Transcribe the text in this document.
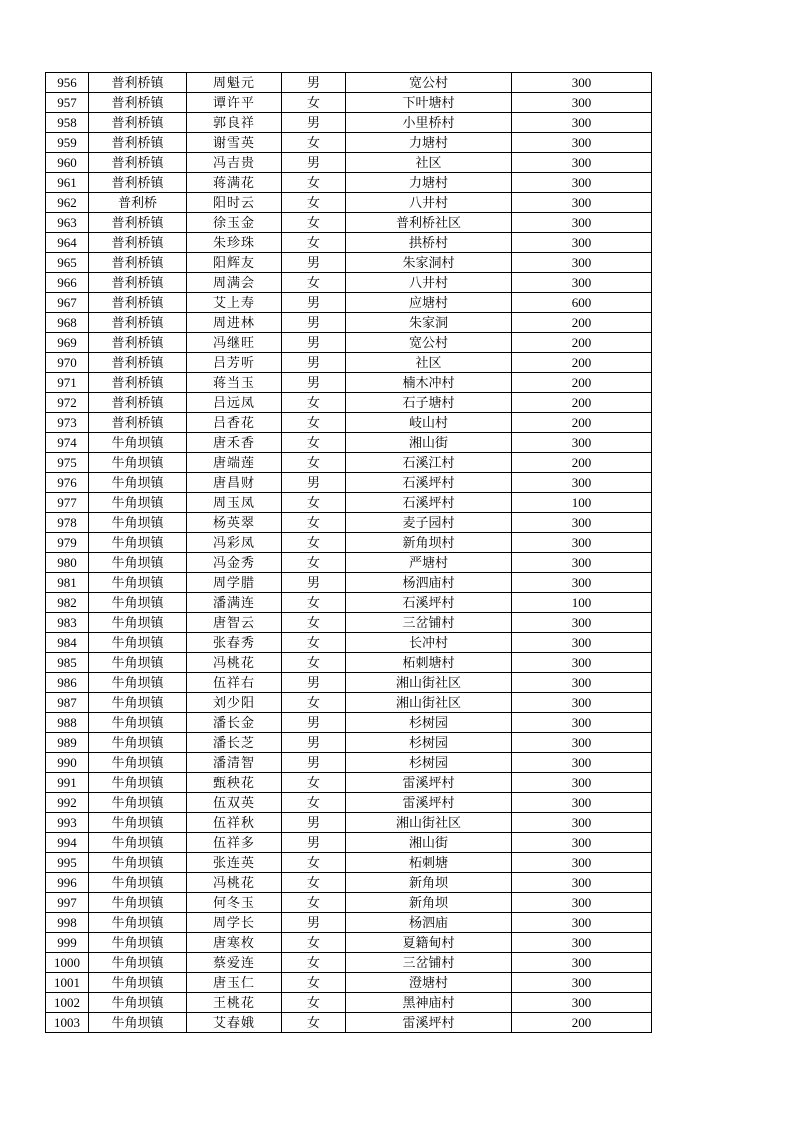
956	普利桥镇	周魁元	男	宽公村	300
957	普利桥镇	谭许平	女	下叶塘村	300
958	普利桥镇	郭良祥	男	小里桥村	300
959	普利桥镇	谢雪英	女	力塘村	300
960	普利桥镇	冯吉贵	男	社区	300
961	普利桥镇	蒋满花	女	力塘村	300
962	普利桥	阳时云	女	八井村	300
963	普利桥镇	徐玉金	女	普利桥社区	300
964	普利桥镇	朱珍珠	女	拱桥村	300
965	普利桥镇	阳辉友	男	朱家洞村	300
966	普利桥镇	周满会	女	八井村	300
967	普利桥镇	艾上寿	男	应塘村	600
968	普利桥镇	周进林	男	朱家洞	200
969	普利桥镇	冯继旺	男	宽公村	200
970	普利桥镇	吕芳听	男	社区	200
971	普利桥镇	蒋当玉	男	楠木冲村	200
972	普利桥镇	吕远凤	女	石子塘村	200
973	普利桥镇	吕香花	女	岐山村	200
974	牛角坝镇	唐禾香	女	湘山街	300
975	牛角坝镇	唐端莲	女	石溪江村	200
976	牛角坝镇	唐昌财	男	石溪坪村	300
977	牛角坝镇	周玉凤	女	石溪坪村	100
978	牛角坝镇	杨英翠	女	麦子园村	300
979	牛角坝镇	冯彩凤	女	新角坝村	300
980	牛角坝镇	冯金秀	女	严塘村	300
981	牛角坝镇	周学腊	男	杨泗庙村	300
982	牛角坝镇	潘满连	女	石溪坪村	100
983	牛角坝镇	唐智云	女	三岔铺村	300
984	牛角坝镇	张春秀	女	长冲村	300
985	牛角坝镇	冯桃花	女	柘刺塘村	300
986	牛角坝镇	伍祥右	男	湘山街社区	300
987	牛角坝镇	刘少阳	女	湘山街社区	300
988	牛角坝镇	潘长金	男	杉树园	300
989	牛角坝镇	潘长芝	男	杉树园	300
990	牛角坝镇	潘清智	男	杉树园	300
991	牛角坝镇	甄秧花	女	雷溪坪村	300
992	牛角坝镇	伍双英	女	雷溪坪村	300
993	牛角坝镇	伍祥秋	男	湘山街社区	300
994	牛角坝镇	伍祥多	男	湘山街	300
995	牛角坝镇	张连英	女	柘刺塘	300
996	牛角坝镇	冯桃花	女	新角坝	300
997	牛角坝镇	何冬玉	女	新角坝	300
998	牛角坝镇	周学长	男	杨泗庙	300
999	牛角坝镇	唐寒枚	女	夏籍甸村	300
1000	牛角坝镇	蔡爱连	女	三岔铺村	300
1001	牛角坝镇	唐玉仁	女	澄塘村	300
1002	牛角坝镇	王桃花	女	黑神庙村	300
1003	牛角坝镇	艾春娥	女	雷溪坪村	200
